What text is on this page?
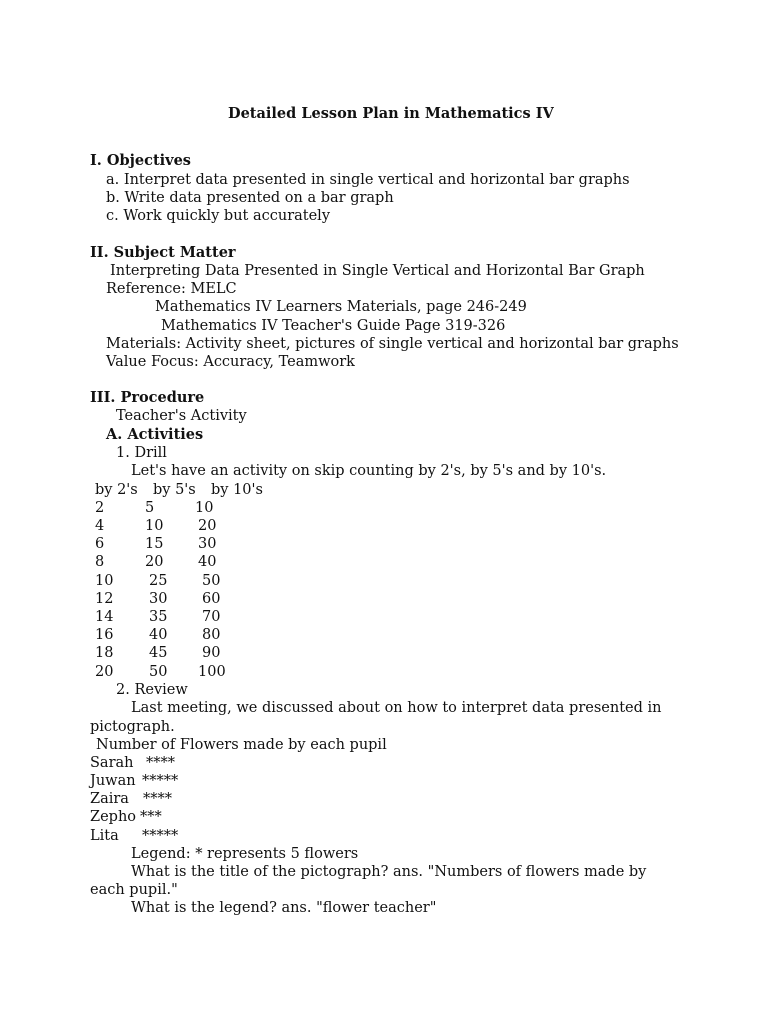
Detailed Lesson Plan in Mathematics IV
I. Objectives
a. Interpret data presented in single vertical and horizontal bar graphs
b. Write data presented on a bar graph
c. Work quickly but accurately
II. Subject Matter
Interpreting Data Presented in Single Vertical and Horizontal Bar Graph
Reference: MELC
Mathematics IV Learners Materials, page 246-249
Mathematics IV Teacher's Guide Page 319-326
Materials: Activity sheet, pictures of single vertical and horizontal bar graphs
Value Focus: Accuracy, Teamwork
III. Procedure
Teacher's Activity
A. Activities
1. Drill
Let's have an activity on skip counting by 2's, by 5's and by 10's.
by 2's by 5's by 10's
2	5	10
4	10 20
6	15 30
8	20 40
10 25 50
12 30 60
14 35 70
16 40 80
18 45 90
20 50 100
2. Review
Last meeting, we discussed about on how to interpret data presented in
pictograph.
Number of Flowers made by each pupil
Sarah ****
Juwan *****
Zaira ****
Zepho ***
Lita *****
Legend: * represents 5 flowers
What is the title of the pictograph? ans. "Numbers of flowers made by
each pupil."
What is the legend? ans. "flower teacher"
